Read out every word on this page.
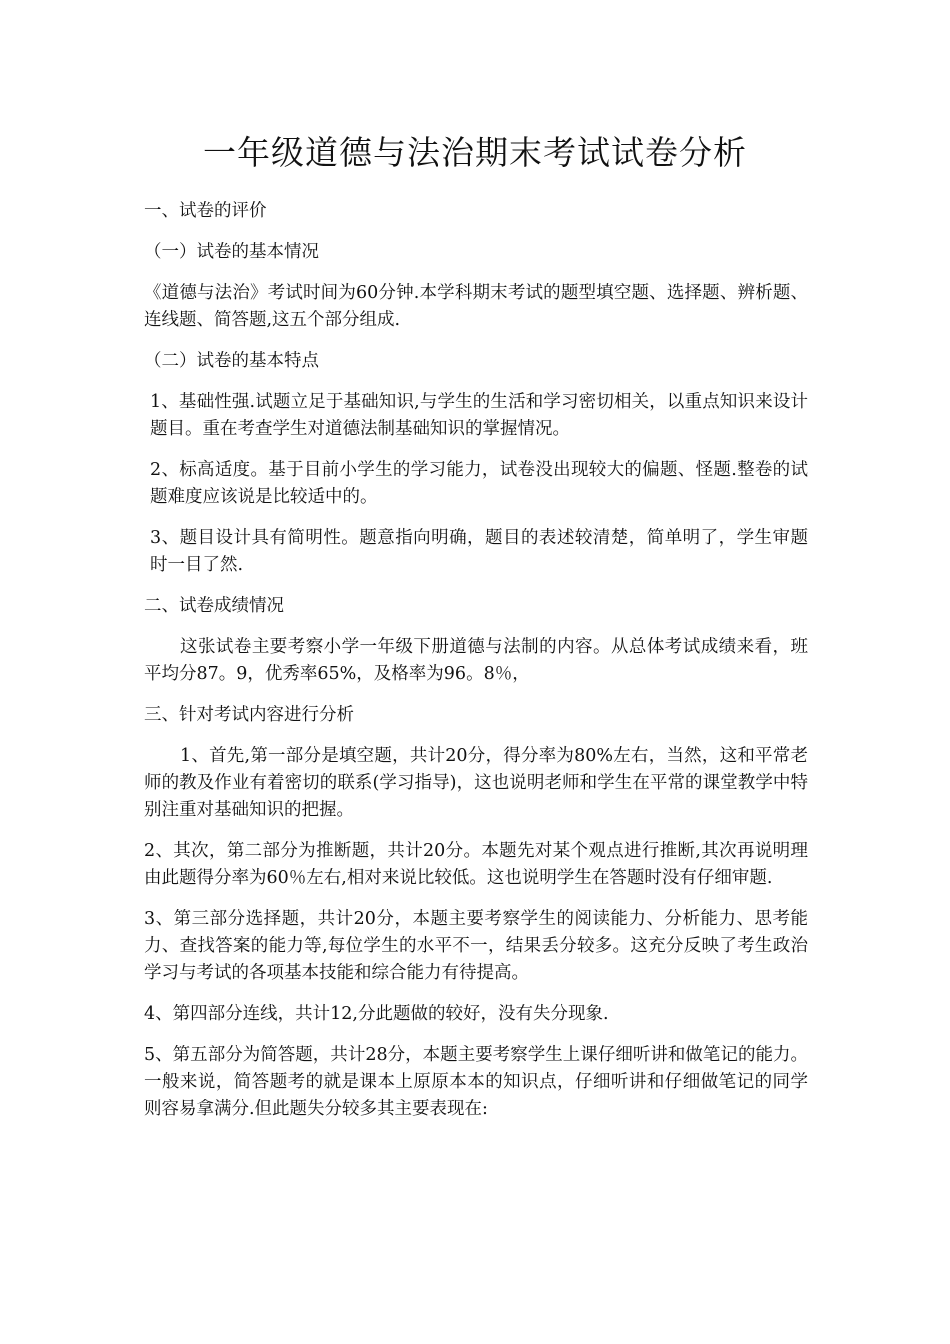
一年级道德与法治期末考试试卷分析

一、试卷的评价

（一）试卷的基本情况

《道德与法治》考试时间为60分钟.本学科期末考试的题型填空题、选择题、辨析题、连线题、简答题,这五个部分组成.

（二）试卷的基本特点

1、基础性强.试题立足于基础知识,与学生的生活和学习密切相关，以重点知识来设计题目。重在考查学生对道德法制基础知识的掌握情况。

2、标高适度。基于目前小学生的学习能力，试卷没出现较大的偏题、怪题.整卷的试题难度应该说是比较适中的。

3、题目设计具有简明性。题意指向明确，题目的表述较清楚，简单明了，学生审题时一目了然.

二、试卷成绩情况

这张试卷主要考察小学一年级下册道德与法制的内容。从总体考试成绩来看，班平均分87。9，优秀率65%，及格率为96。8％，

三、针对考试内容进行分析

1、首先,第一部分是填空题，共计20分，得分率为80%左右，当然，这和平常老师的教及作业有着密切的联系(学习指导)，这也说明老师和学生在平常的课堂教学中特别注重对基础知识的把握。

2、其次，第二部分为推断题，共计20分。本题先对某个观点进行推断,其次再说明理由此题得分率为60％左右,相对来说比较低。这也说明学生在答题时没有仔细审题.

3、第三部分选择题，共计20分，本题主要考察学生的阅读能力、分析能力、思考能力、查找答案的能力等,每位学生的水平不一，结果丢分较多。这充分反映了考生政治学习与考试的各项基本技能和综合能力有待提高。

4、第四部分连线，共计12,分此题做的较好，没有失分现象.

5、第五部分为简答题，共计28分，本题主要考察学生上课仔细听讲和做笔记的能力。一般来说，简答题考的就是课本上原原本本的知识点，仔细听讲和仔细做笔记的同学则容易拿满分.但此题失分较多其主要表现在:
